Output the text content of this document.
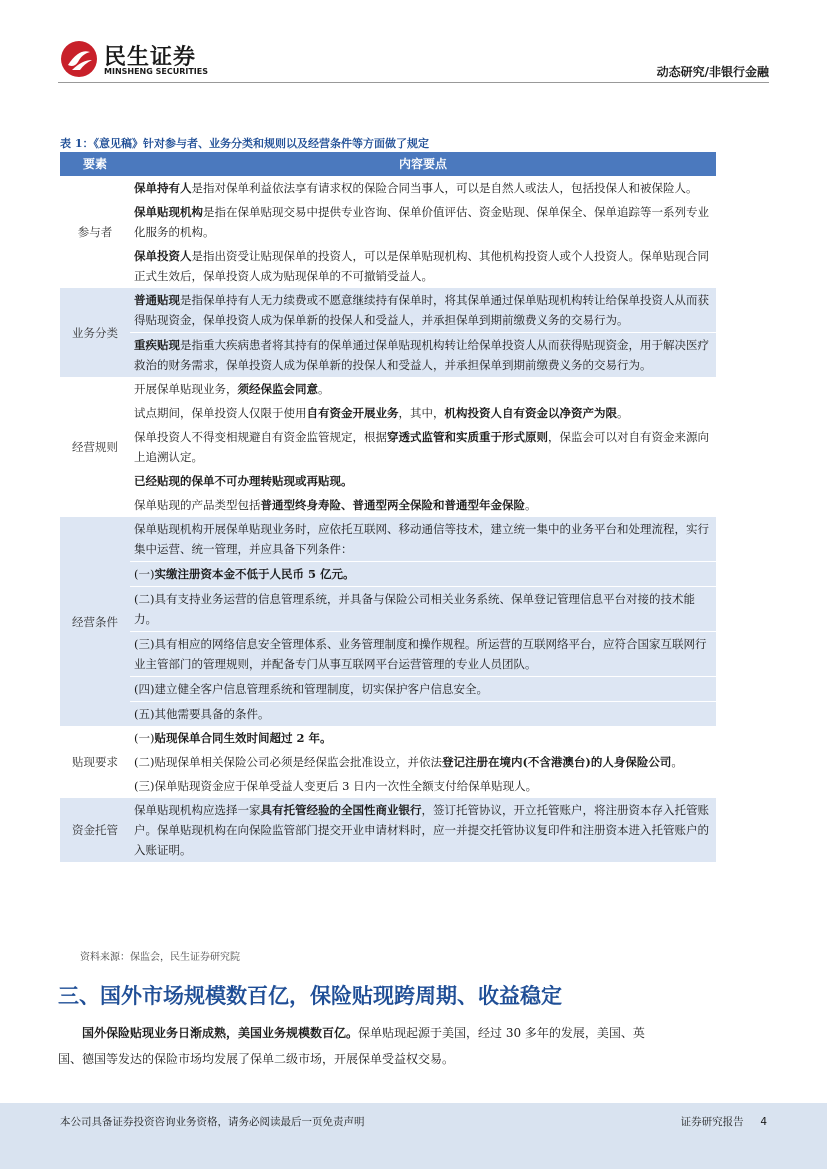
民生证券
MINSHENG SECURITIES	动态研究/非银行金融
表 1：《意见稿》针对参与者、业务分类和规则以及经营条件等方面做了规定
要素	内容要点
参与者	保单持有人是指对保单利益依法享有请求权的保险合同当事人，可以是自然人或法人，包括投保人和被保险人。
	保单贴现机构是指在保单贴现交易中提供专业咨询、保单价值评估、资金贴现、保单保全、保单追踪等一系列专业化服务的机构。
	保单投资人是指出资受让贴现保单的投资人，可以是保单贴现机构、其他机构投资人或个人投资人。保单贴现合同正式生效后，保单投资人成为贴现保单的不可撤销受益人。
业务分类	普通贴现是指保单持有人无力续费或不愿意继续持有保单时，将其保单通过保单贴现机构转让给保单投资人从而获得贴现资金，保单投资人成为保单新的投保人和受益人，并承担保单到期前缴费义务的交易行为。
	重疾贴现是指重大疾病患者将其持有的保单通过保单贴现机构转让给保单投资人从而获得贴现资金，用于解决医疗救治的财务需求，保单投资人成为保单新的投保人和受益人，并承担保单到期前缴费义务的交易行为。
经营规则	开展保单贴现业务，须经保监会同意。
	试点期间，保单投资人仅限于使用自有资金开展业务，其中，机构投资人自有资金以净资产为限。
	保单投资人不得变相规避自有资金监管规定，根据穿透式监管和实质重于形式原则，保监会可以对自有资金来源向上追溯认定。
	已经贴现的保单不可办理转贴现或再贴现。
	保单贴现的产品类型包括普通型终身寿险、普通型两全保险和普通型年金保险。
经营条件	保单贴现机构开展保单贴现业务时，应依托互联网、移动通信等技术，建立统一集中的业务平台和处理流程，实行集中运营、统一管理，并应具备下列条件：
	(一)实缴注册资本金不低于人民币 5 亿元。
	(二)具有支持业务运营的信息管理系统，并具备与保险公司相关业务系统、保单登记管理信息平台对接的技术能力。
	(三)具有相应的网络信息安全管理体系、业务管理制度和操作规程。所运营的互联网络平台，应符合国家互联网行业主管部门的管理规则，并配备专门从事互联网平台运营管理的专业人员团队。
	(四)建立健全客户信息管理系统和管理制度，切实保护客户信息安全。
	(五)其他需要具备的条件。
贴现要求	(一)贴现保单合同生效时间超过 2 年。
	(二)贴现保单相关保险公司必须是经保监会批准设立，并依法登记注册在境内(不含港澳台)的人身保险公司。
	(三)保单贴现资金应于保单受益人变更后 3 日内一次性全额支付给保单贴现人。
资金托管	保单贴现机构应选择一家具有托管经验的全国性商业银行，签订托管协议，开立托管账户，将注册资本存入托管账户。保单贴现机构在向保险监管部门提交开业申请材料时，应一并提交托管协议复印件和注册资本进入托管账户的入账证明。
资料来源：保监会，民生证券研究院
三、国外市场规模数百亿，保险贴现跨周期、收益稳定
国外保险贴现业务日渐成熟，美国业务规模数百亿。保单贴现起源于美国，经过 30 多年的发展，美国、英国、德国等发达的保险市场均发展了保单二级市场，开展保单受益权交易。
本公司具备证券投资咨询业务资格，请务必阅读最后一页免责声明	证券研究报告 4
